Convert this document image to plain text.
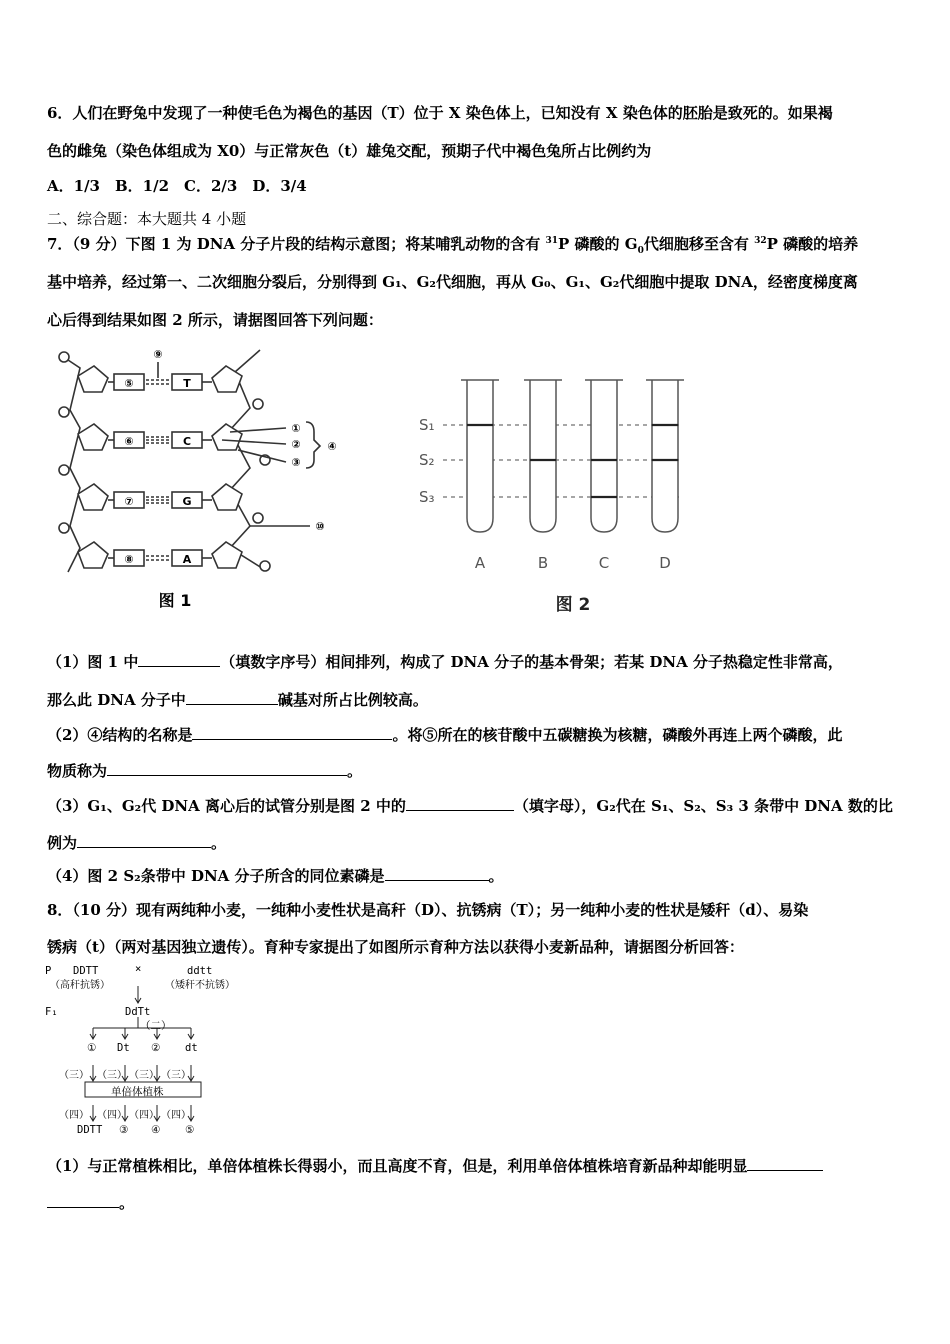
6．人们在野兔中发现了一种使毛色为褐色的基因（T）位于 X 染色体上，已知没有 X 染色体的胚胎是致死的。如果褐
色的雌兔（染色体组成为 X0）与正常灰色（t）雄兔交配，预期子代中褐色兔所占比例约为
A．1/3　B．1/2　C．2/3　D．3/4
二、综合题：本大题共 4 小题
7．（9 分）下图 1 为 DNA 分子片段的结构示意图；将某哺乳动物的含有 $^{31}$P 磷酸的 $G_0$代细胞移至含有 $^{32}$P 磷酸的培养
基中培养，经过第一、二次细胞分裂后，分别得到 G₁、G₂代细胞，再从 G₀、G₁、G₂代细胞中提取 DNA，经密度梯度离
心后得到结果如图 2 所示，请据图回答下列问题：
⑤
⑥
⑦
⑧
T
C
G
A
⑨
①
②
③
④
⑩
图 1
S₁
S₂
S₃
A	B	C	D
图 2
（1）图 1 中	（填数字序号）相间排列，构成了 DNA 分子的基本骨架；若某 DNA 分子热稳定性非常高，
那么此 DNA 分子中	碱基对所占比例较高。
（2）④结构的名称是	。将⑤所在的核苷酸中五碳糖换为核糖，磷酸外再连上两个磷酸，此
物质称为	。
（3）G₁、G₂代 DNA 离心后的试管分别是图 2 中的	（填字母），G₂代在 S₁、S₂、S₃ 3 条带中 DNA 数的比
例为	。
（4）图 2 S₂条带中 DNA 分子所含的同位素磷是	。
8．（10 分）现有两纯种小麦，一纯种小麦性状是高秆（D）、抗锈病（T）；另一纯种小麦的性状是矮秆（d）、易染
锈病（t）（两对基因独立遗传）。育种专家提出了如图所示育种方法以获得小麦新品种，请据图分析回答：
P DDTT	×	ddtt
（高秆抗锈）	（矮秆不抗锈）
F₁	DdTt
（二）
① Dt ② dt
（三） （三） （三） （三）
单倍体植株
（四） （四） （四） （四）
DDTT ③ ④ ⑤
（1）与正常植株相比，单倍体植株长得弱小，而且高度不育，但是，利用单倍体植株培育新品种却能明显
。
